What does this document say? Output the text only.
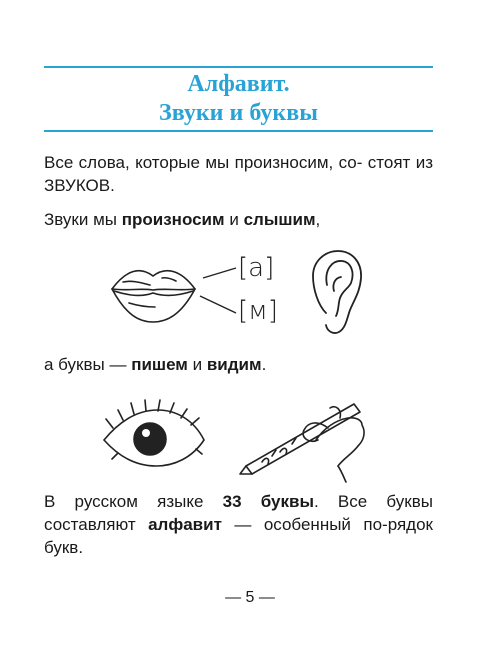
Алфавит.
Звуки и буквы
Все слова, которые мы произносим, со- стоят из ЗВУКОВ.
Звуки мы произносим и слышим,
[а]
[м]
а буквы — пишем и видим.
В русском языке 33 буквы. Все буквы составляют алфавит — особенный по-рядок букв.
— 5 —
